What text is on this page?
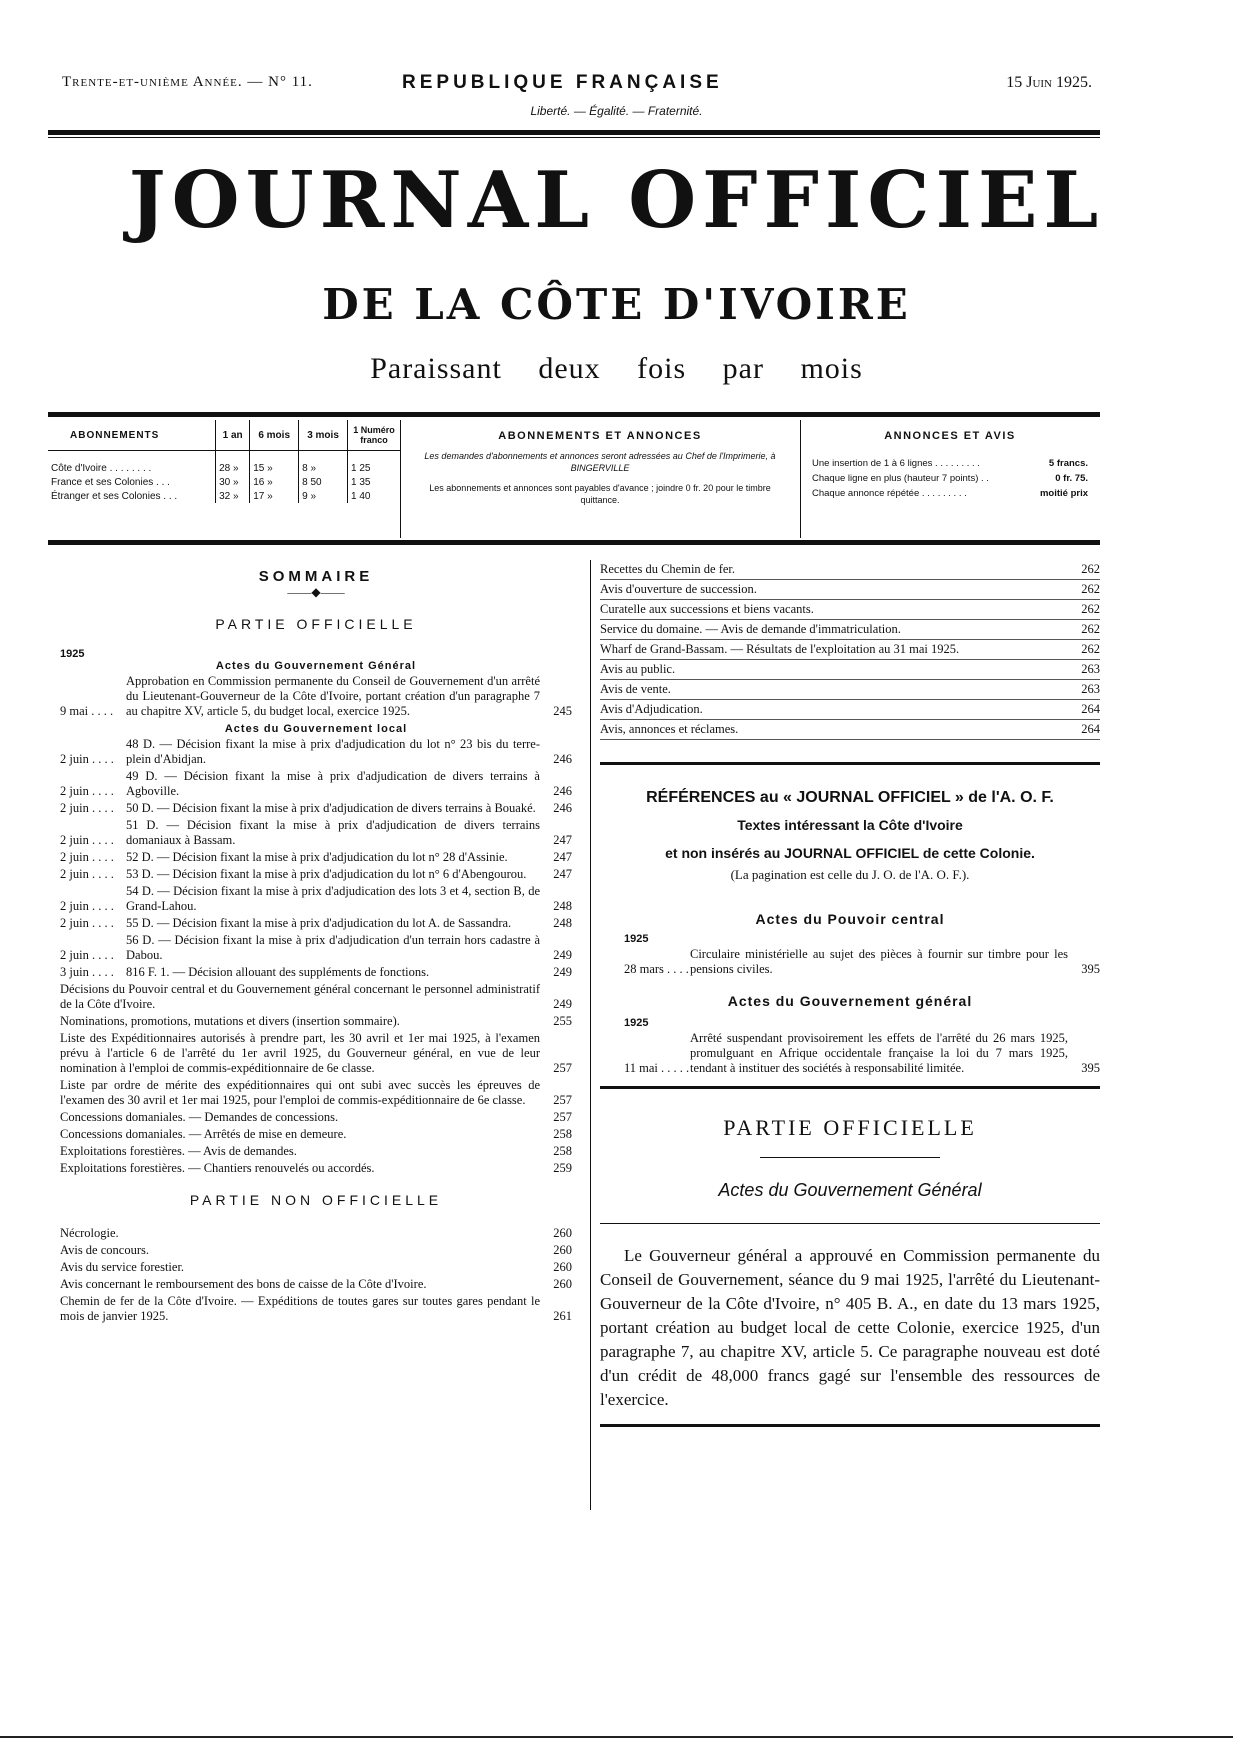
Trente-et-unième Année. — N° 11.	REPUBLIQUE FRANÇAISE	15 Juin 1925.
Liberté. — Égalité. — Fraternité.
JOURNAL OFFICIEL
DE LA CÔTE D'IVOIRE
Paraissant deux fois par mois
ABONNEMENTS	1 an	6 mois	3 mois	1 Numéro franco
Côte d'Ivoire . . . . . . . .	28 »	15 »	8 »	1 25
France et ses Colonies . . .	30 »	16 »	8 50	1 35
Étranger et ses Colonies . . .	32 »	17 »	9 »	1 40
ABONNEMENTS ET ANNONCES
Les demandes d'abonnements et annonces seront adressées au Chef de l'Imprimerie, à BINGERVILLE
Les abonnements et annonces sont payables d'avance ; joindre 0 fr. 20 pour le timbre quittance.
ANNONCES ET AVIS
Une insertion de 1 à 6 lignes . . . . . . . . .	5 francs.
Chaque ligne en plus (hauteur 7 points) . .	0 fr. 75.
Chaque annonce répétée . . . . . . . . .	moitié prix
SOMMAIRE
——◆——
PARTIE OFFICIELLE
1925
Actes du Gouvernement Général
9 mai . . . .
Approbation en Commission permanente du Conseil de Gouvernement d'un arrêté du Lieutenant-Gouverneur de la Côte d'Ivoire, portant création d'un paragraphe 7 au chapitre XV, article 5, du budget local, exercice 1925.	245
Actes du Gouvernement local
2 juin . . . .
48 D. — Décision fixant la mise à prix d'adjudication du lot n° 23 bis du terre-plein d'Abidjan.	246
2 juin . . . .
49 D. — Décision fixant la mise à prix d'adjudication de divers terrains à Agboville.	246
2 juin . . . . 50 D. — Décision fixant la mise à prix d'adjudication de divers terrains à Bouaké.	246
2 juin . . . .
51 D. — Décision fixant la mise à prix d'adjudication de divers terrains domaniaux à Bassam.	247
2 juin . . . . 52 D. — Décision fixant la mise à prix d'adjudication du lot n° 28 d'Assinie.	247
2 juin . . . . 53 D. — Décision fixant la mise à prix d'adjudication du lot n° 6 d'Abengourou.	247
2 juin . . . .
54 D. — Décision fixant la mise à prix d'adjudication des lots 3 et 4, section B, de Grand-Lahou.	248
2 juin . . . . 55 D. — Décision fixant la mise à prix d'adjudication du lot A. de Sassandra.	248
2 juin . . . .
56 D. — Décision fixant la mise à prix d'adjudication d'un terrain hors cadastre à Dabou.	249
3 juin . . . . 816 F. 1. — Décision allouant des suppléments de fonctions.	249
Décisions du Pouvoir central et du Gouvernement général concernant le personnel administratif de la Côte d'Ivoire.	249
Nominations, promotions, mutations et divers (insertion sommaire).	255
Liste des Expéditionnaires autorisés à prendre part, les 30 avril et 1er mai 1925, à l'examen prévu à l'article 6 de l'arrêté du 1er avril 1925, du Gouverneur général, en vue de leur nomination à l'emploi de commis-expéditionnaire de 6e classe.	257
Liste par ordre de mérite des expéditionnaires qui ont subi avec succès les épreuves de l'examen des 30 avril et 1er mai 1925, pour l'emploi de commis-expéditionnaire de 6e classe.	257
Concessions domaniales. — Demandes de concessions.	257
Concessions domaniales. — Arrêtés de mise en demeure.	258
Exploitations forestières. — Avis de demandes.	258
Exploitations forestières. — Chantiers renouvelés ou accordés.	259
PARTIE NON OFFICIELLE
Nécrologie.	260
Avis de concours.	260
Avis du service forestier.	260
Avis concernant le remboursement des bons de caisse de la Côte d'Ivoire.	260
Chemin de fer de la Côte d'Ivoire. — Expéditions de toutes gares sur toutes gares pendant le mois de janvier 1925.	261
Recettes du Chemin de fer.	262
Avis d'ouverture de succession.	262
Curatelle aux successions et biens vacants.	262
Service du domaine. — Avis de demande d'immatriculation.	262
Wharf de Grand-Bassam. — Résultats de l'exploitation au 31 mai 1925.	262
Avis au public.	263
Avis de vente.	263
Avis d'Adjudication.	264
Avis, annonces et réclames.	264
RÉFÉRENCES au « JOURNAL OFFICIEL » de l'A. O. F.
Textes intéressant la Côte d'Ivoire
et non insérés au JOURNAL OFFICIEL de cette Colonie.
(La pagination est celle du J. O. de l'A. O. F.).
Actes du Pouvoir central
1925
28 mars . . . .
Circulaire ministérielle au sujet des pièces à fournir sur timbre pour les pensions civiles.	395
Actes du Gouvernement général
1925
11 mai . . . . .
Arrêté suspendant provisoirement les effets de l'arrêté du 26 mars 1925, promulguant en Afrique occidentale française la loi du 7 mars 1925, tendant à instituer des sociétés à responsabilité limitée.	395
PARTIE OFFICIELLE
Actes du Gouvernement Général
Le Gouverneur général a approuvé en Commission permanente du Conseil de Gouvernement, séance du 9 mai 1925, l'arrêté du Lieutenant-Gouverneur de la Côte d'Ivoire, n° 405 B. A., en date du 13 mars 1925, portant création au budget local de cette Colonie, exercice 1925, d'un paragraphe 7, au chapitre XV, article 5. Ce paragraphe nouveau est doté d'un crédit de 48,000 francs gagé sur l'ensemble des ressources de l'exercice.
